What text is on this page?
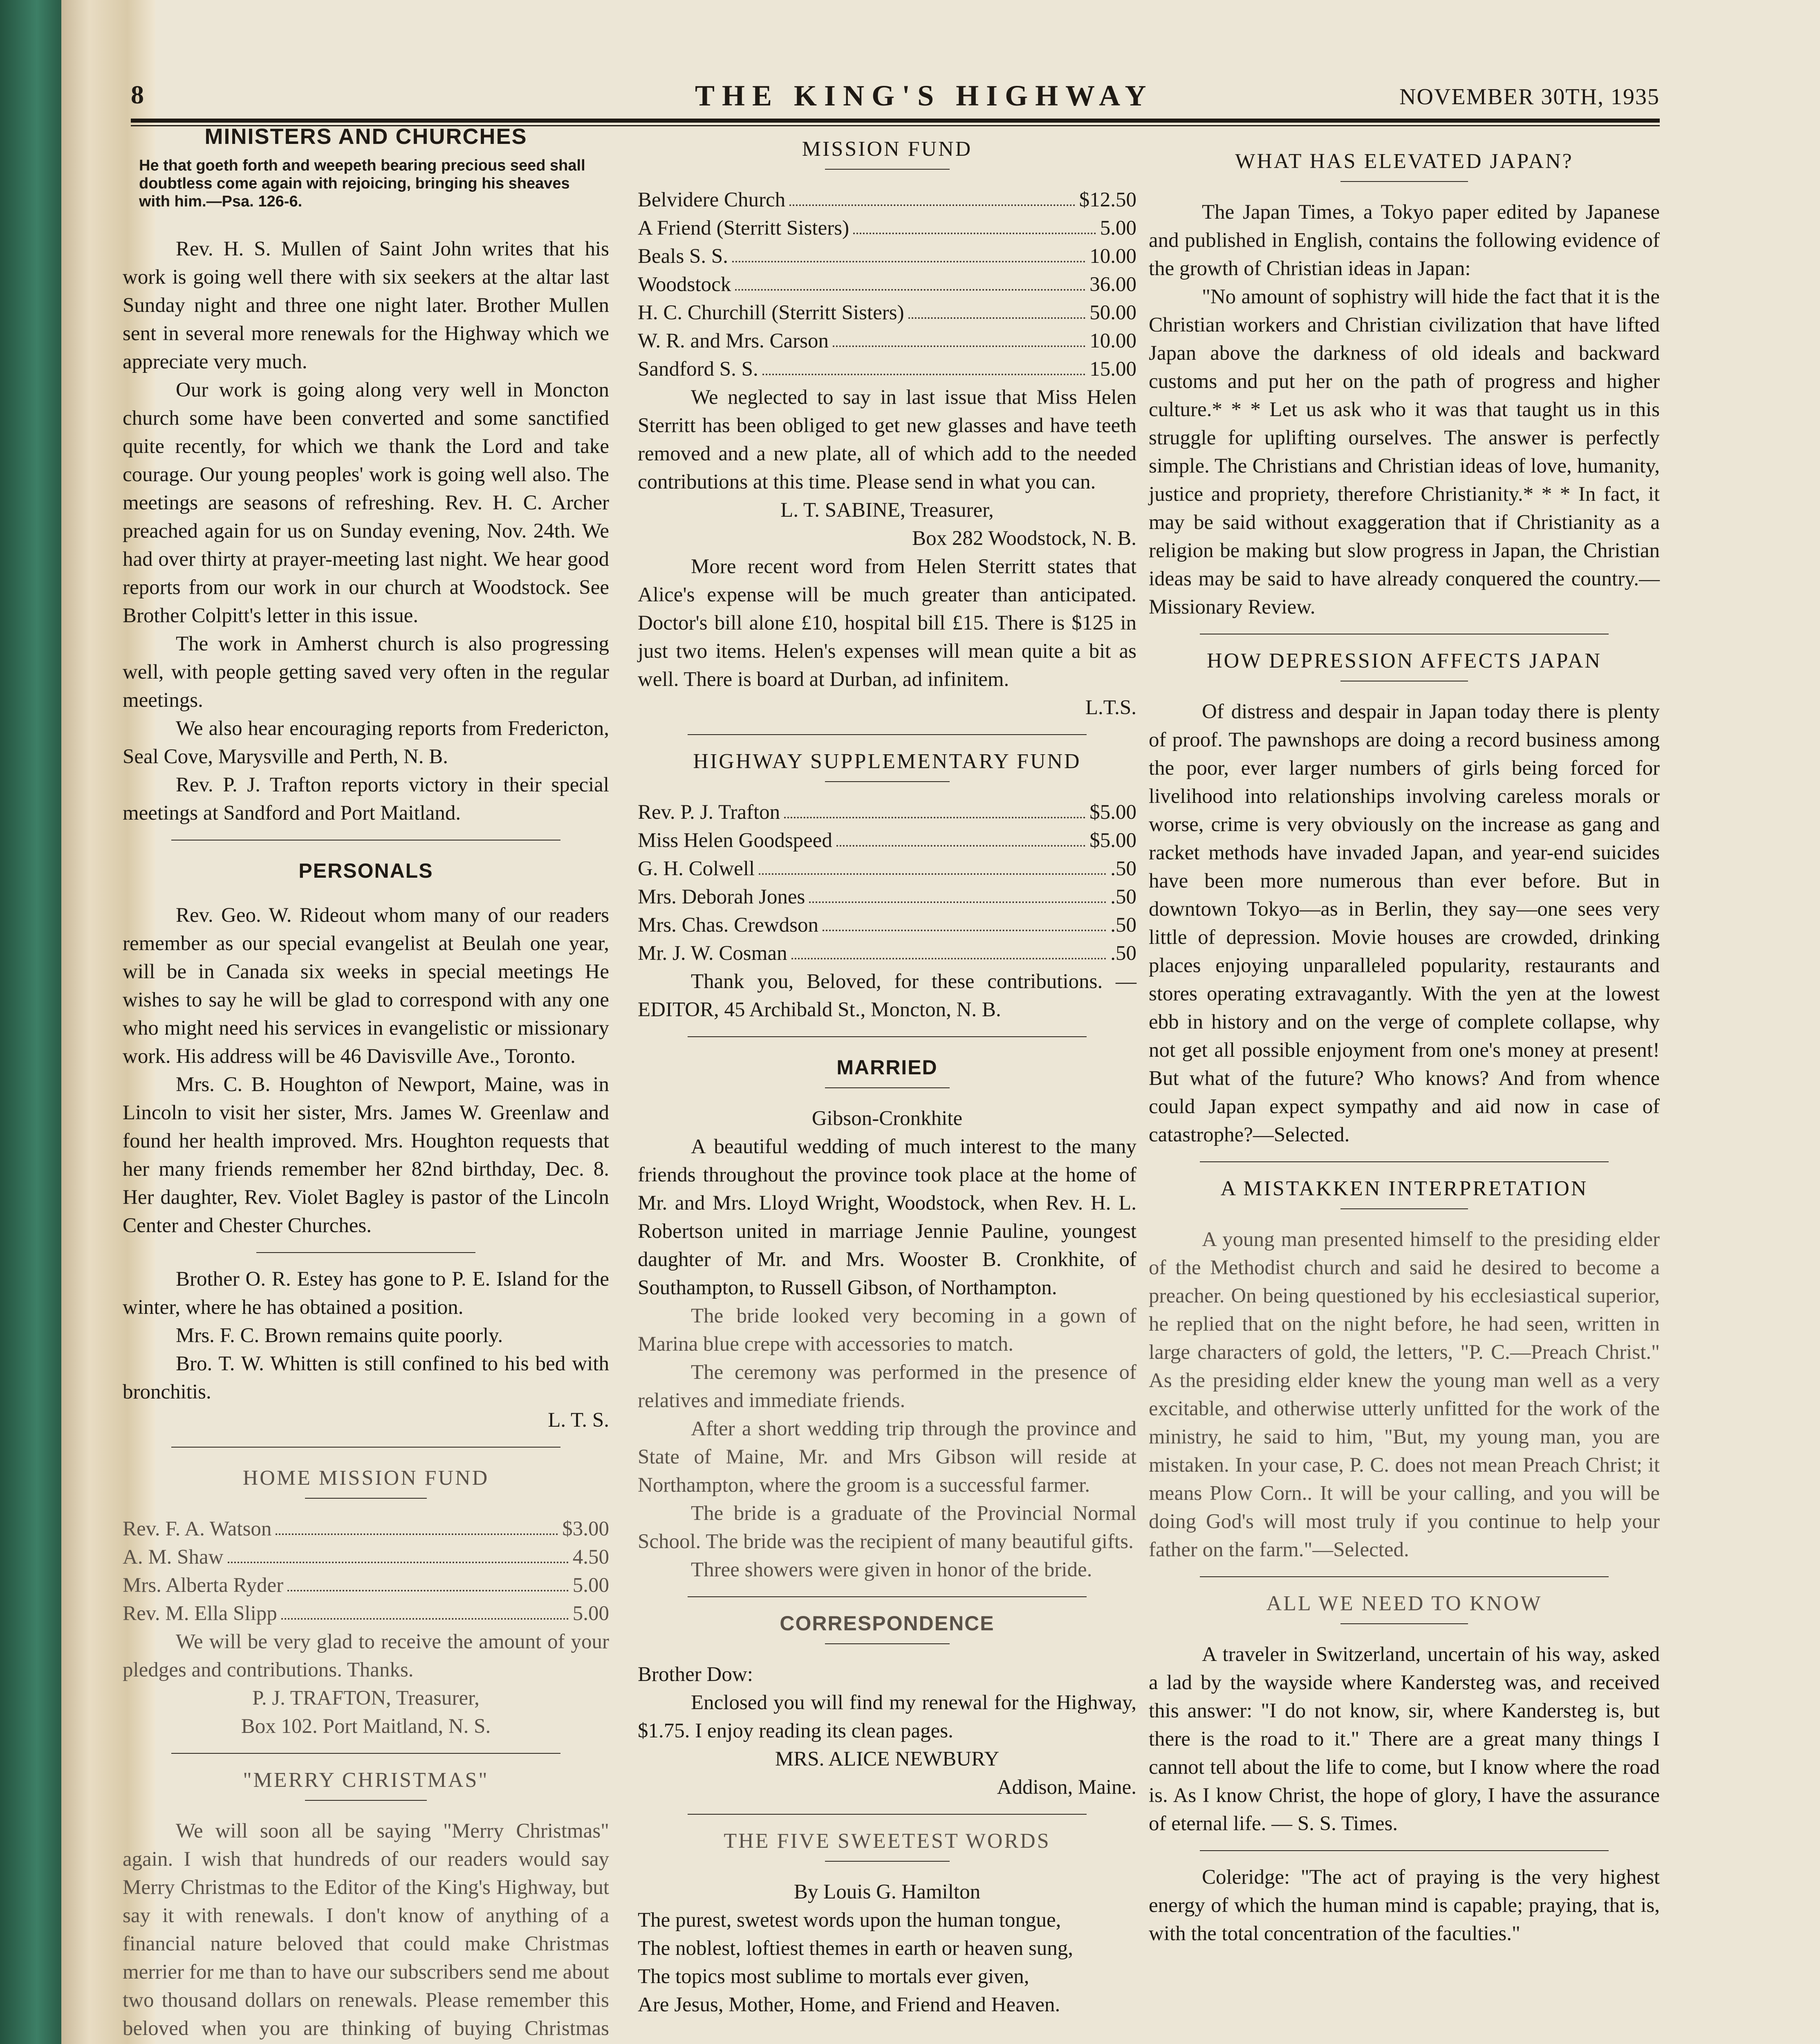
8	THE KING'S HIGHWAY	NOVEMBER 30TH, 1935
MINISTERS AND CHURCHES
He that goeth forth and weepeth bearing precious seed shall doubtless come again with rejoicing, bringing his sheaves with him.—Psa. 126-6.

Rev. H. S. Mullen of Saint John writes that his work is going well there with six seekers at the altar last Sunday night and three one night later. Brother Mullen sent in several more renewals for the Highway which we appreciate very much.

Our work is going along very well in Moncton church some have been converted and some sanctified quite recently, for which we thank the Lord and take courage. Our young peoples' work is going well also. The meetings are seasons of refreshing. Rev. H. C. Archer preached again for us on Sunday evening, Nov. 24th. We had over thirty at prayer-meeting last night. We hear good reports from our work in our church at Woodstock. See Brother Colpitt's letter in this issue.

The work in Amherst church is also progressing well, with people getting saved very often in the regular meetings.

We also hear encouraging reports from Fredericton, Seal Cove, Marysville and Perth, N. B.

Rev. P. J. Trafton reports victory in their special meetings at Sandford and Port Maitland.

PERSONALS

Rev. Geo. W. Rideout whom many of our readers remember as our special evangelist at Beulah one year, will be in Canada six weeks in special meetings He wishes to say he will be glad to correspond with any one who might need his services in evangelistic or missionary work. His address will be 46 Davisville Ave., Toronto.

Mrs. C. B. Houghton of Newport, Maine, was in Lincoln to visit her sister, Mrs. James W. Greenlaw and found her health improved. Mrs. Houghton requests that her many friends remember her 82nd birthday, Dec. 8. Her daughter, Rev. Violet Bagley is pastor of the Lincoln Center and Chester Churches.

Brother O. R. Estey has gone to P. E. Island for the winter, where he has obtained a position.

Mrs. F. C. Brown remains quite poorly.

Bro. T. W. Whitten is still confined to his bed with bronchitis.

L. T. S.

HOME MISSION FUND
Rev. F. A. Watson	$3.00
A. M. Shaw	4.50
Mrs. Alberta Ryder	5.00
Rev. M. Ella Slipp	5.00

We will be very glad to receive the amount of your pledges and contributions. Thanks.

P. J. TRAFTON, Treasurer,

Box 102. Port Maitland, N. S.

"MERRY CHRISTMAS"

We will soon all be saying "Merry Christmas" again. I wish that hundreds of our readers would say Merry Christmas to the Editor of the King's Highway, but say it with renewals. I don't know of anything of a financial nature beloved that could make Christmas merrier for me than to have our subscribers send me about two thousand dollars on renewals. Please remember this beloved when you are thinking of buying Christmas

MISSION FUND
Belvidere Church	$12.50
A Friend (Sterritt Sisters)	5.00
Beals S. S.	10.00
Woodstock	36.00
H. C. Churchill (Sterritt Sisters)	50.00
W. R. and Mrs. Carson	10.00
Sandford S. S.	15.00

We neglected to say in last issue that Miss Helen Sterritt has been obliged to get new glasses and have teeth removed and a new plate, all of which add to the needed contributions at this time. Please send in what you can.

L. T. SABINE, Treasurer,

Box 282 Woodstock, N. B.

More recent word from Helen Sterritt states that Alice's expense will be much greater than anticipated. Doctor's bill alone £10, hospital bill £15. There is $125 in just two items. Helen's expenses will mean quite a bit as well. There is board at Durban, ad infinitem.

L.T.S.

HIGHWAY SUPPLEMENTARY FUND
Rev. P. J. Trafton	$5.00
Miss Helen Goodspeed	$5.00
G. H. Colwell	.50
Mrs. Deborah Jones	.50
Mrs. Chas. Crewdson	.50
Mr. J. W. Cosman	.50

Thank you, Beloved, for these contributions. —EDITOR, 45 Archibald St., Moncton, N. B.

MARRIED

Gibson-Cronkhite

A beautiful wedding of much interest to the many friends throughout the province took place at the home of Mr. and Mrs. Lloyd Wright, Woodstock, when Rev. H. L. Robertson united in marriage Jennie Pauline, youngest daughter of Mr. and Mrs. Wooster B. Cronkhite, of Southampton, to Russell Gibson, of Northampton.

The bride looked very becoming in a gown of Marina blue crepe with accessories to match.

The ceremony was performed in the presence of relatives and immediate friends.

After a short wedding trip through the province and State of Maine, Mr. and Mrs Gibson will reside at Northampton, where the groom is a successful farmer.

The bride is a graduate of the Provincial Normal School. The bride was the recipient of many beautiful gifts.

Three showers were given in honor of the bride.

CORRESPONDENCE

Brother Dow:

Enclosed you will find my renewal for the Highway, $1.75. I enjoy reading its clean pages.

MRS. ALICE NEWBURY

Addison, Maine.

THE FIVE SWEETEST WORDS

By Louis G. Hamilton

The purest, swetest words upon the human tongue,

The noblest, loftiest themes in earth or heaven sung,

The topics most sublime to mortals ever given,

Are Jesus, Mother, Home, and Friend and Heaven.

WHAT HAS ELEVATED JAPAN?

The Japan Times, a Tokyo paper edited by Japanese and published in English, contains the following evidence of the growth of Christian ideas in Japan:

"No amount of sophistry will hide the fact that it is the Christian workers and Christian civilization that have lifted Japan above the darkness of old ideals and backward customs and put her on the path of progress and higher culture.* * * Let us ask who it was that taught us in this struggle for uplifting ourselves. The answer is perfectly simple. The Christians and Christian ideas of love, humanity, justice and propriety, therefore Christianity.* * * In fact, it may be said without exaggeration that if Christianity as a religion be making but slow progress in Japan, the Christian ideas may be said to have already conquered the country.—Missionary Review.

HOW DEPRESSION AFFECTS JAPAN

Of distress and despair in Japan today there is plenty of proof. The pawnshops are doing a record business among the poor, ever larger numbers of girls being forced for livelihood into relationships involving careless morals or worse, crime is very obviously on the increase as gang and racket methods have invaded Japan, and year-end suicides have been more numerous than ever before. But in downtown Tokyo—as in Berlin, they say—one sees very little of depression. Movie houses are crowded, drinking places enjoying unparalleled popularity, restaurants and stores operating extravagantly. With the yen at the lowest ebb in history and on the verge of complete collapse, why not get all possible enjoyment from one's money at present! But what of the future? Who knows? And from whence could Japan expect sympathy and aid now in case of catastrophe?—Selected.

A MISTAKKEN INTERPRETATION

A young man presented himself to the presiding elder of the Methodist church and said he desired to become a preacher. On being questioned by his ecclesiastical superior, he replied that on the night before, he had seen, written in large characters of gold, the letters, "P. C.—Preach Christ." As the presiding elder knew the young man well as a very excitable, and otherwise utterly unfitted for the work of the ministry, he said to him, "But, my young man, you are mistaken. In your case, P. C. does not mean Preach Christ; it means Plow Corn.. It will be your calling, and you will be doing God's will most truly if you continue to help your father on the farm."—Selected.

ALL WE NEED TO KNOW

A traveler in Switzerland, uncertain of his way, asked a lad by the wayside where Kandersteg was, and received this answer: "I do not know, sir, where Kandersteg is, but there is the road to it." There are a great many things I cannot tell about the life to come, but I know where the road is. As I know Christ, the hope of glory, I have the assurance of eternal life. — S. S. Times.

Coleridge: "The act of praying is the very highest energy of which the human mind is capable; praying, that is, with the total concentration of the faculties."
